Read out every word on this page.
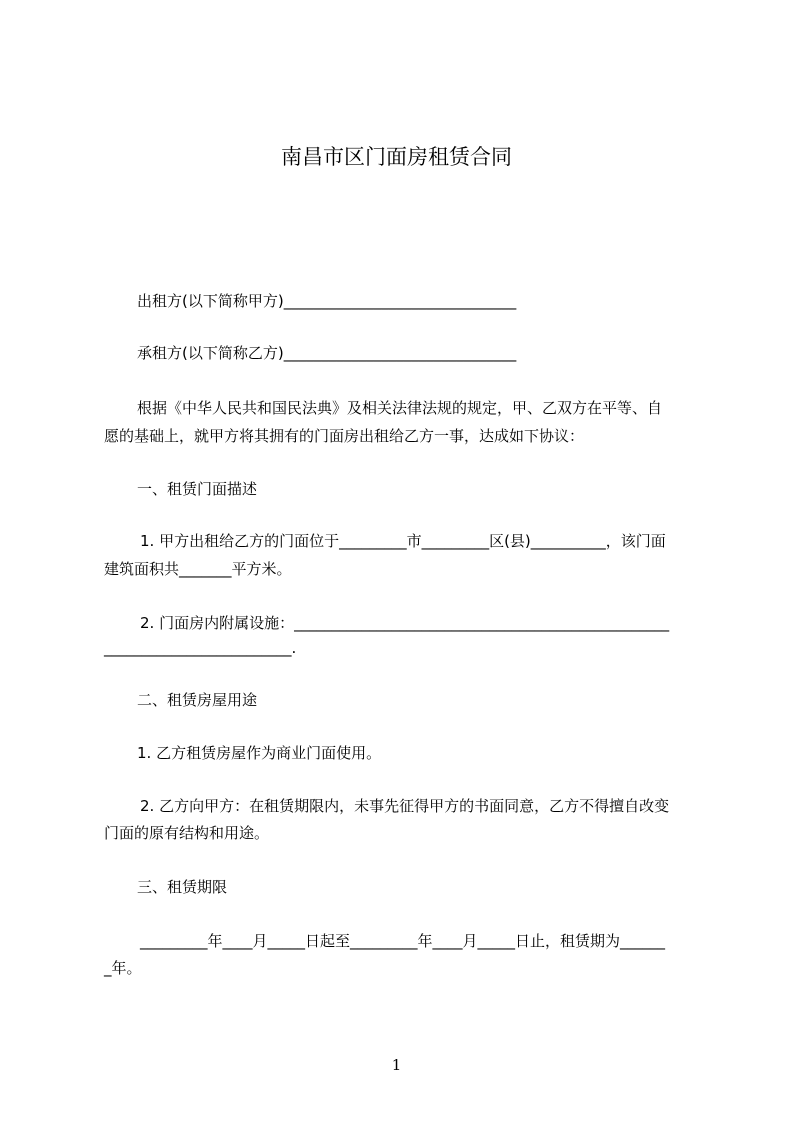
南昌市区门面房租赁合同
出租方(以下简称甲方)_______________________________
承租方(以下简称乙方)_______________________________
根据《中华人民共和国民法典》及相关法律法规的规定，甲、乙双方在平等、自
愿的基础上，就甲方将其拥有的门面房出租给乙方一事，达成如下协议：
一、租赁门面描述
1. 甲方出租给乙方的门面位于_________市_________区(县)__________，该门面
建筑面积共_______平方米。
2. 门面房内附属设施：__________________________________________________
_________________________.
二、租赁房屋用途
1. 乙方租赁房屋作为商业门面使用。
2. 乙方向甲方：在租赁期限内，未事先征得甲方的书面同意，乙方不得擅自改变
门面的原有结构和用途。
三、租赁期限
_________年____月_____日起至_________年____月_____日止，租赁期为______
_年。
1
